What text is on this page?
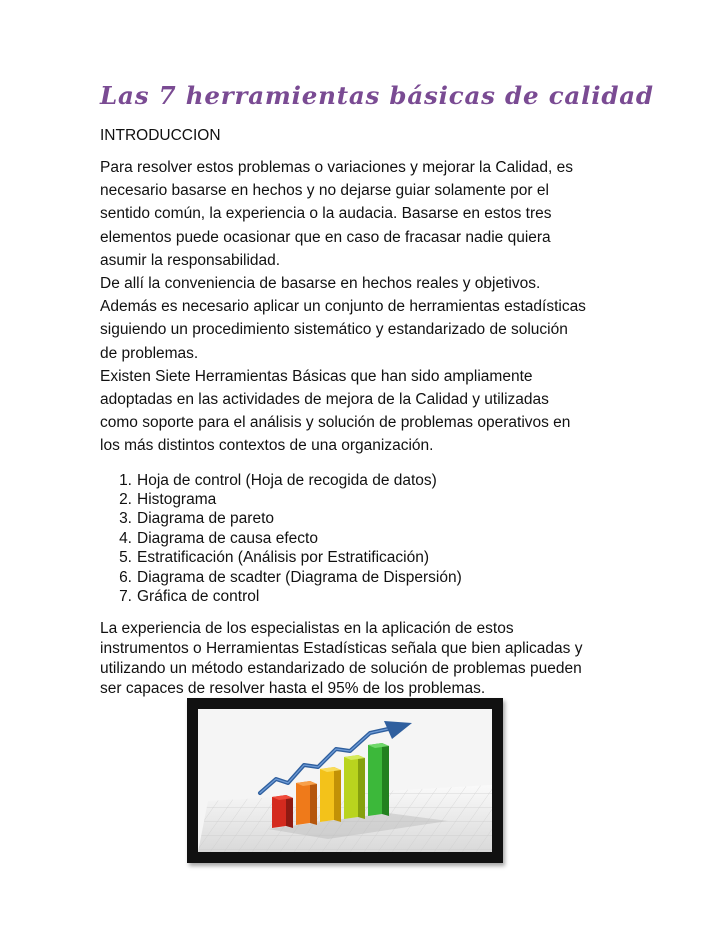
Las 7 herramientas básicas de calidad
INTRODUCCION

Para resolver estos problemas o variaciones y mejorar la Calidad, es

necesario basarse en hechos y no dejarse guiar solamente por el

sentido común, la experiencia o la audacia. Basarse en estos tres

elementos puede ocasionar que en caso de fracasar nadie quiera

asumir la responsabilidad.

De allí la conveniencia de basarse en hechos reales y objetivos.

Además es necesario aplicar un conjunto de herramientas estadísticas

siguiendo un procedimiento sistemático y estandarizado de solución

de problemas.

Existen Siete Herramientas Básicas que han sido ampliamente

adoptadas en las actividades de mejora de la Calidad y utilizadas

como soporte para el análisis y solución de problemas operativos en

los más distintos contextos de una organización.

1. Hoja de control (Hoja de recogida de datos)
2. Histograma
3. Diagrama de pareto
4. Diagrama de causa efecto
5. Estratificación (Análisis por Estratificación)
6. Diagrama de scadter (Diagrama de Dispersión)
7. Gráfica de control

La experiencia de los especialistas en la aplicación de estos

instrumentos o Herramientas Estadísticas señala que bien aplicadas y

utilizando un método estandarizado de solución de problemas pueden

ser capaces de resolver hasta el 95% de los problemas.
